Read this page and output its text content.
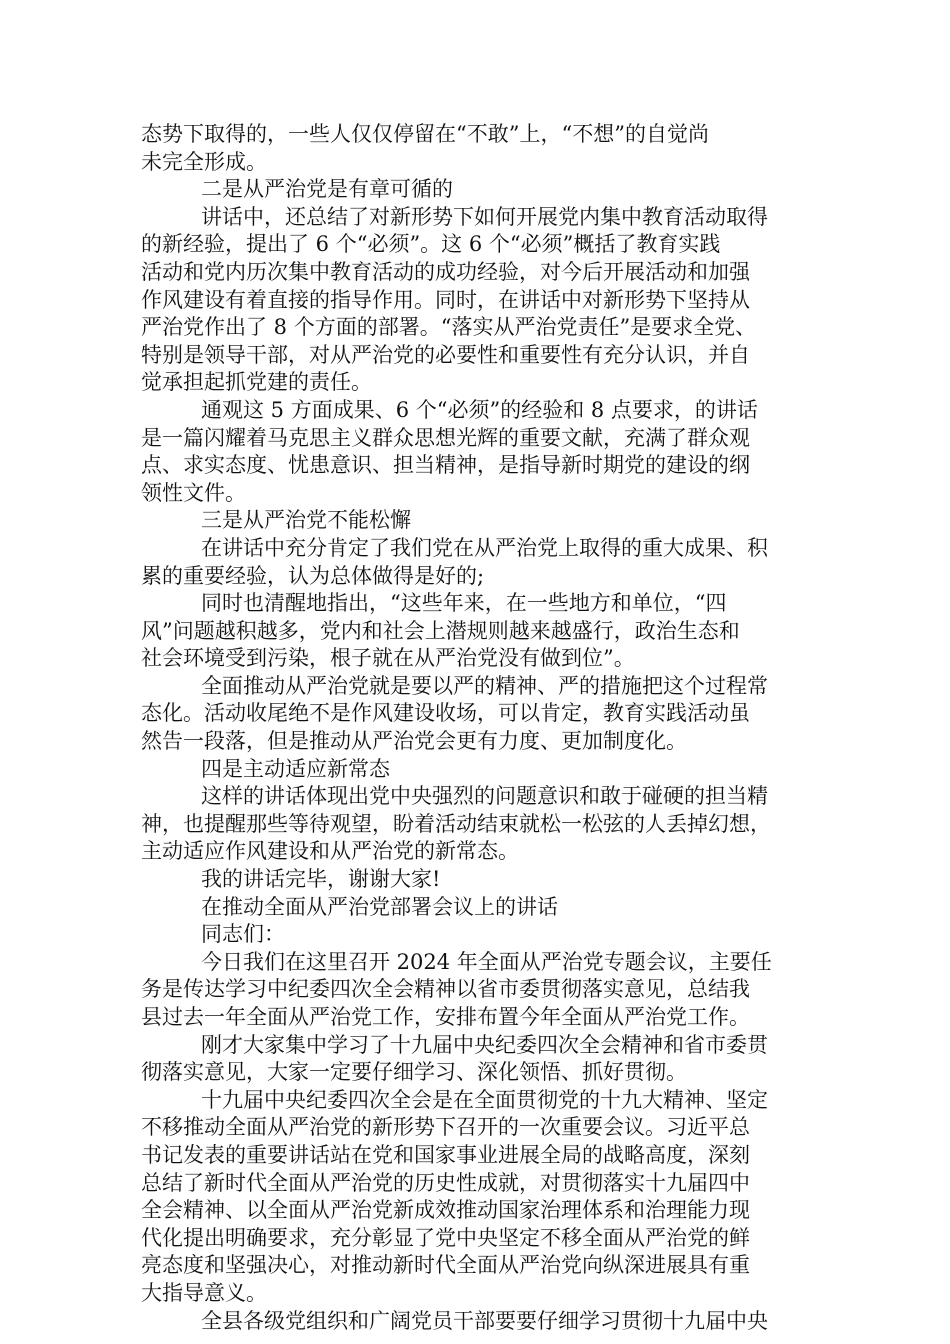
态势下取得的，一些人仅仅停留在“不敢”上，“不想”的自觉尚
未完全形成。
二是从严治党是有章可循的
讲话中，还总结了对新形势下如何开展党内集中教育活动取得
的新经验，提出了 6 个“必须”。这 6 个“必须”概括了教育实践
活动和党内历次集中教育活动的成功经验，对今后开展活动和加强
作风建设有着直接的指导作用。同时，在讲话中对新形势下坚持从
严治党作出了 8 个方面的部署。“落实从严治党责任”是要求全党、
特别是领导干部，对从严治党的必要性和重要性有充分认识，并自
觉承担起抓党建的责任。
通观这 5 方面成果、6 个“必须”的经验和 8 点要求，的讲话
是一篇闪耀着马克思主义群众思想光辉的重要文献，充满了群众观
点、求实态度、忧患意识、担当精神，是指导新时期党的建设的纲
领性文件。
三是从严治党不能松懈
在讲话中充分肯定了我们党在从严治党上取得的重大成果、积
累的重要经验，认为总体做得是好的;
同时也清醒地指出，“这些年来，在一些地方和单位，“四
风”问题越积越多，党内和社会上潜规则越来越盛行，政治生态和
社会环境受到污染，根子就在从严治党没有做到位”。
全面推动从严治党就是要以严的精神、严的措施把这个过程常
态化。活动收尾绝不是作风建设收场，可以肯定，教育实践活动虽
然告一段落，但是推动从严治党会更有力度、更加制度化。
四是主动适应新常态
这样的讲话体现出党中央强烈的问题意识和敢于碰硬的担当精
神，也提醒那些等待观望，盼着活动结束就松一松弦的人丢掉幻想，
主动适应作风建设和从严治党的新常态。
我的讲话完毕，谢谢大家!
在推动全面从严治党部署会议上的讲话
同志们：
今日我们在这里召开 2024 年全面从严治党专题会议，主要任
务是传达学习中纪委四次全会精神以省市委贯彻落实意见，总结我
县过去一年全面从严治党工作，安排布置今年全面从严治党工作。
刚才大家集中学习了十九届中央纪委四次全会精神和省市委贯
彻落实意见，大家一定要仔细学习、深化领悟、抓好贯彻。
十九届中央纪委四次全会是在全面贯彻党的十九大精神、坚定
不移推动全面从严治党的新形势下召开的一次重要会议。习近平总
书记发表的重要讲话站在党和国家事业进展全局的战略高度，深刻
总结了新时代全面从严治党的历史性成就，对贯彻落实十九届四中
全会精神、以全面从严治党新成效推动国家治理体系和治理能力现
代化提出明确要求，充分彰显了党中央坚定不移全面从严治党的鲜
亮态度和坚强决心，对推动新时代全面从严治党向纵深进展具有重
大指导意义。
全县各级党组织和广阔党员干部要要仔细学习贯彻十九届中央
